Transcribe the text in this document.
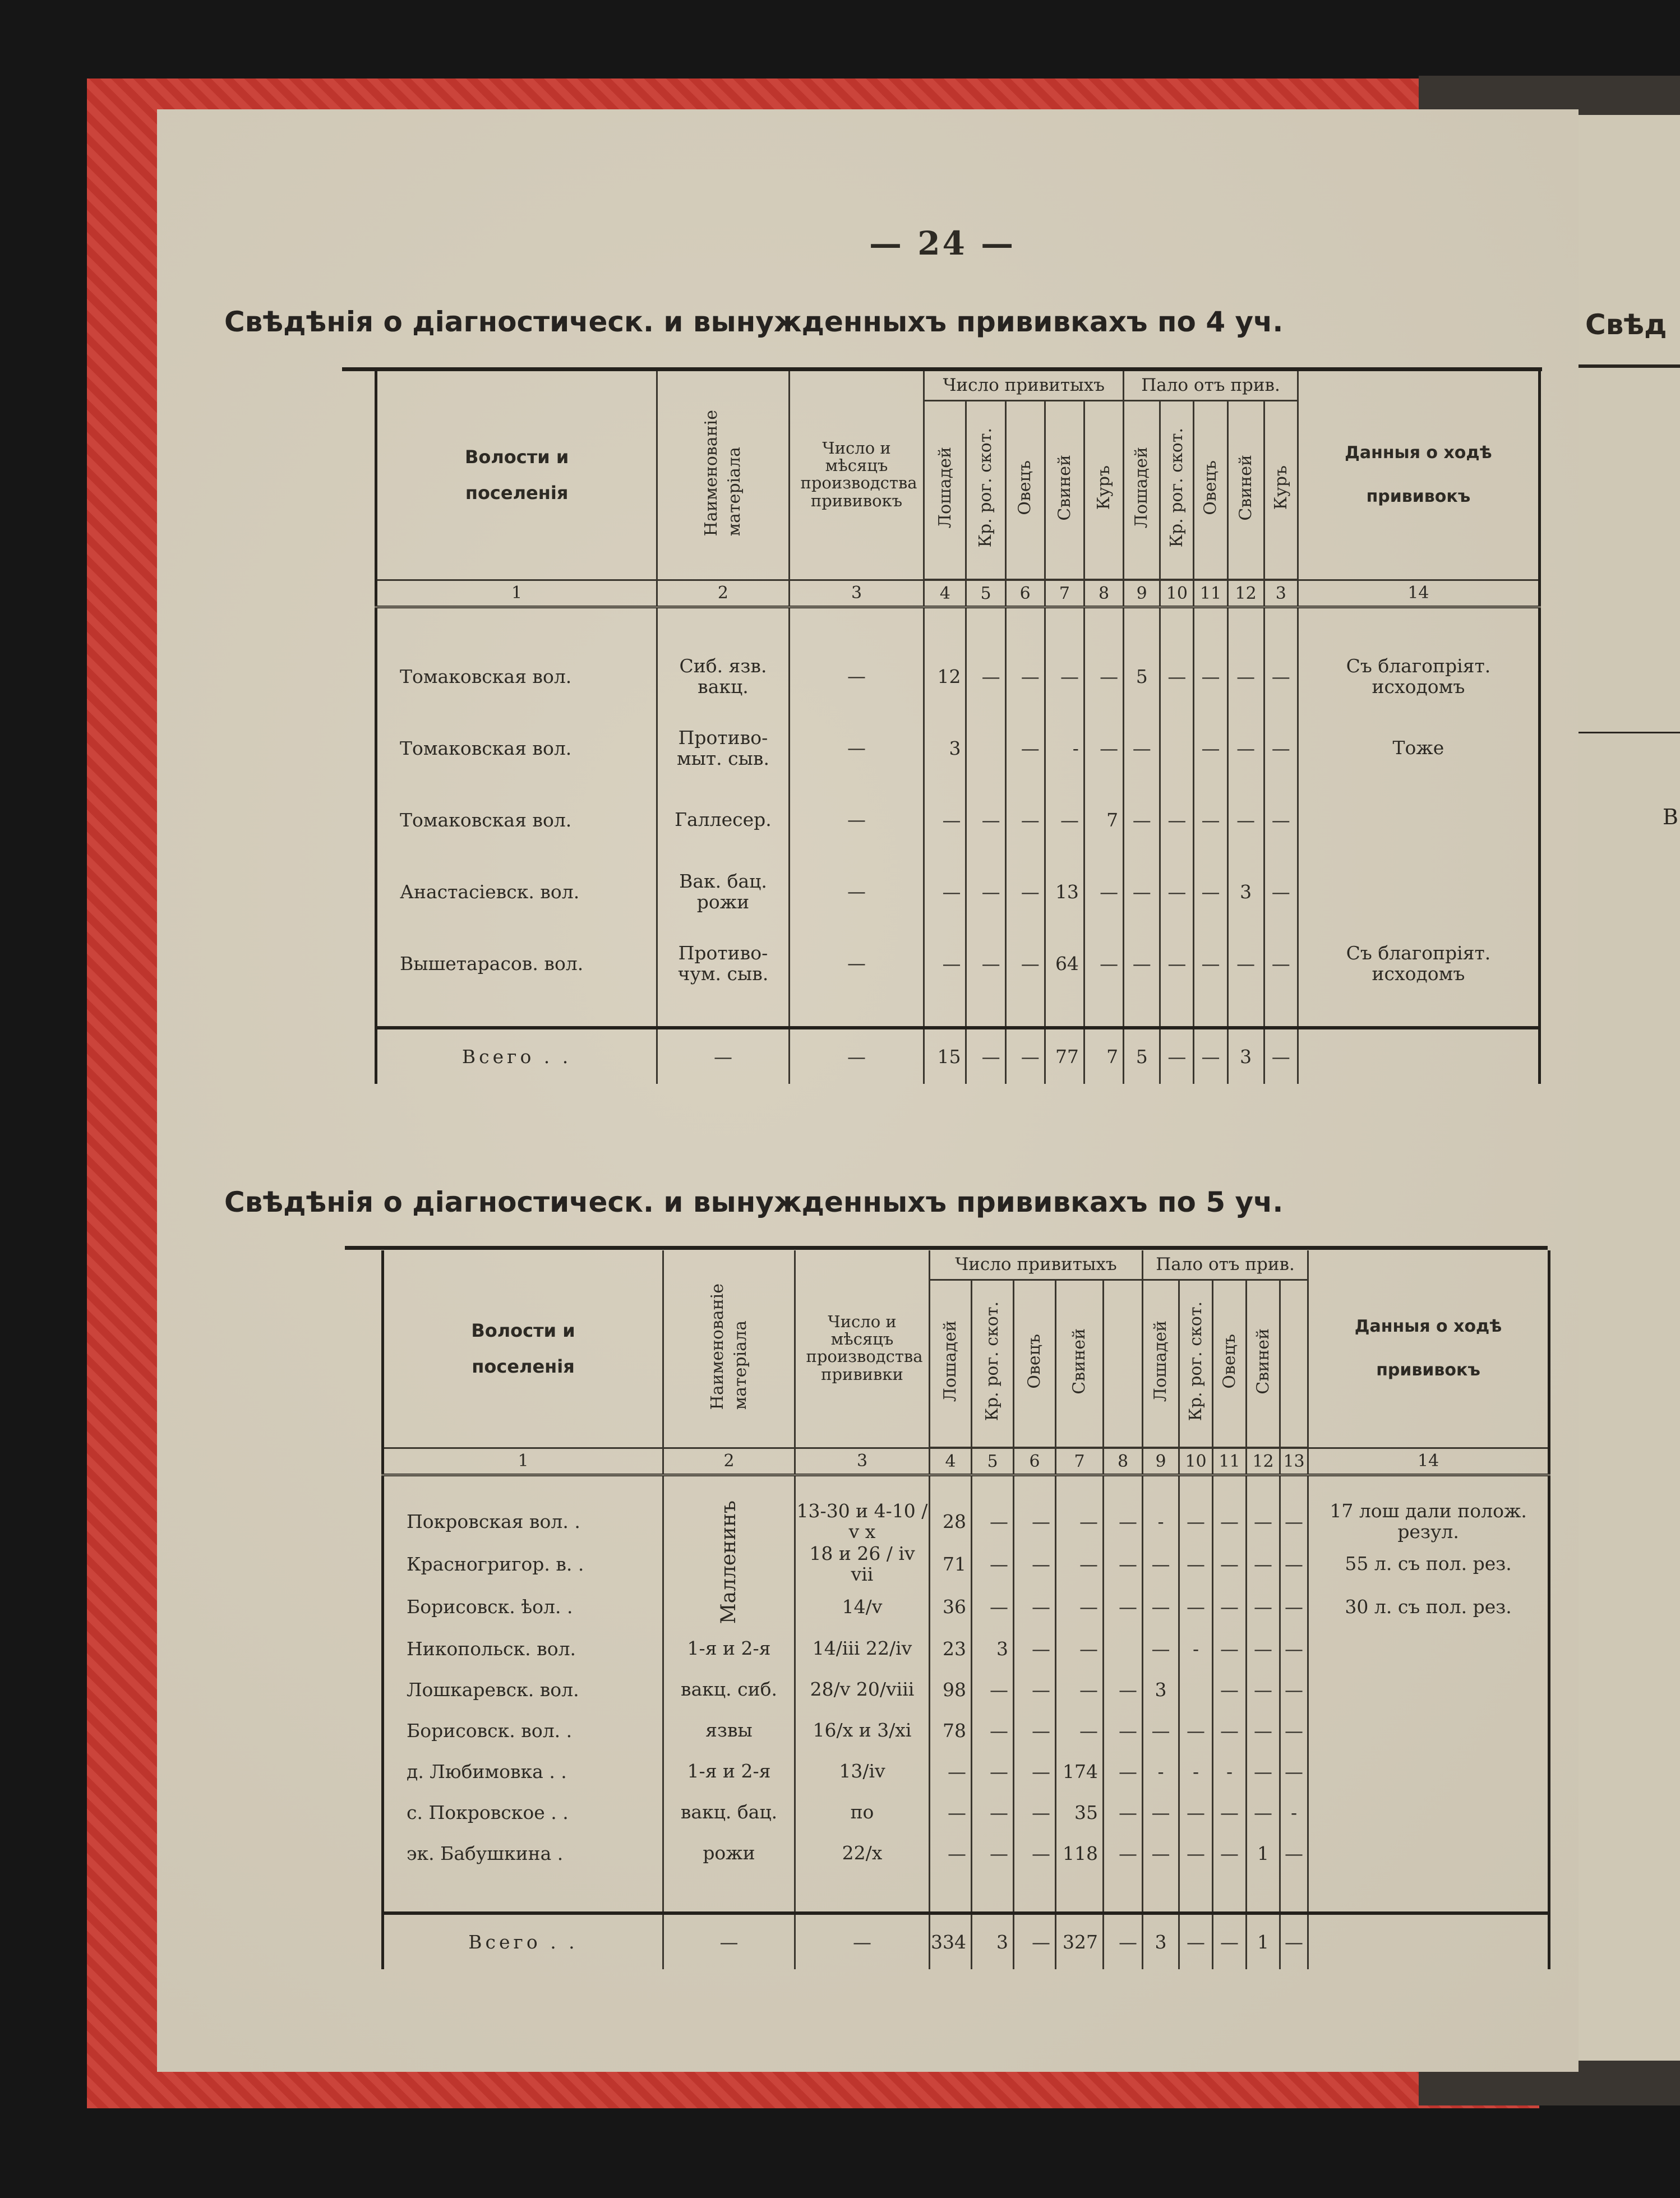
Свѣд
В
— 24 —
Свѣдѣнія о діагностическ. и вынужденныхъ прививкахъ по 4 уч.
Волости и поселенія	Наименованіе матеріала	Число и мѣсяцъ производства прививокъ	Число привитыхъ					Пало отъ прив.					Данныя о ходѣ
прививокъ

			Лошадей	Кр. рог. скот.	Овецъ	Свиней	Куръ	Лошадей	Кр. рог. скот.	Овецъ	Свиней	Куръ	
1	2	3	4	5	6	7	8	9	10	11	12	3	14

Томаковская вол.	Сиб. язв. вакц.	—	12	—	—	—	—	5	—	—	—	—	Съ благопріят. исходомъ
Томаковская вол.	Противо- мыт. сыв.	—	3		—	-	—	—		—	—	—	Тоже
Томаковская вол.	Галлесер.	—	—	—	—	—	7	—	—	—	—	—	
Анастасіевск. вол.	Вак. бац. рожи	—	—	—	—	13	—	—	—	—	3	—	
Вышетарасов. вол.	Противо- чум. сыв.	—	—	—	—	64	—	—	—	—	—	—	Съ благопріят. исходомъ

Всего . .	—	—	15	—	—	77	7	5	—	—	3	—	
Свѣдѣнія о діагностическ. и вынужденныхъ прививкахъ по 5 уч.
Волости и поселенія	Наименованіе матеріала	Число и мѣсяцъ производства прививки	Число привитыхъ					Пало отъ прив.					Данныя о ходѣ
прививокъ

			Лошадей	Кр. рог. скот.	Овецъ	Свиней		Лошадей	Кр. рог. скот.	Овецъ	Свиней		
1	2	3	4	5	6	7	8	9	10	11	12	13	14

Покровская вол. .	Малленинъ	13-30 и 4-10 / v x	28	—	—	—	—	-	—	—	—	—	17 лош дали полож. резул.
Красногригор. в. .		18 и 26 / iv vii	71	—	—	—	—	—	—	—	—	—	55 л. съ пол. рез.
Борисовск. ѣол. .		14/v	36	—	—	—	—	—	—	—	—	—	30 л. съ пол. рез.
Никопольск. вол.	1-я и 2-я	14/iii 22/iv	23	3	—	—		—	-	—	—	—	
Лошкаревск. вол.	вакц. сиб.	28/v 20/viii	98	—	—	—	—	3		—	—	—	
Борисовск. вол. .	язвы	16/x и 3/xi	78	—	—	—	—	—	—	—	—	—	
д. Любимовка . .	1-я и 2-я	13/iv	—	—	—	174	—	-	-	-	—	—	
с. Покровское . .	вакц. бац.	по	—	—	—	35	—	—	—	—	—	-	
эк. Бабушкина .	рожи	22/x	—	—	—	118	—	—	—	—	1	—	

Всего . .	—	—	334	3	—	327	—	3	—	—	1	—	
